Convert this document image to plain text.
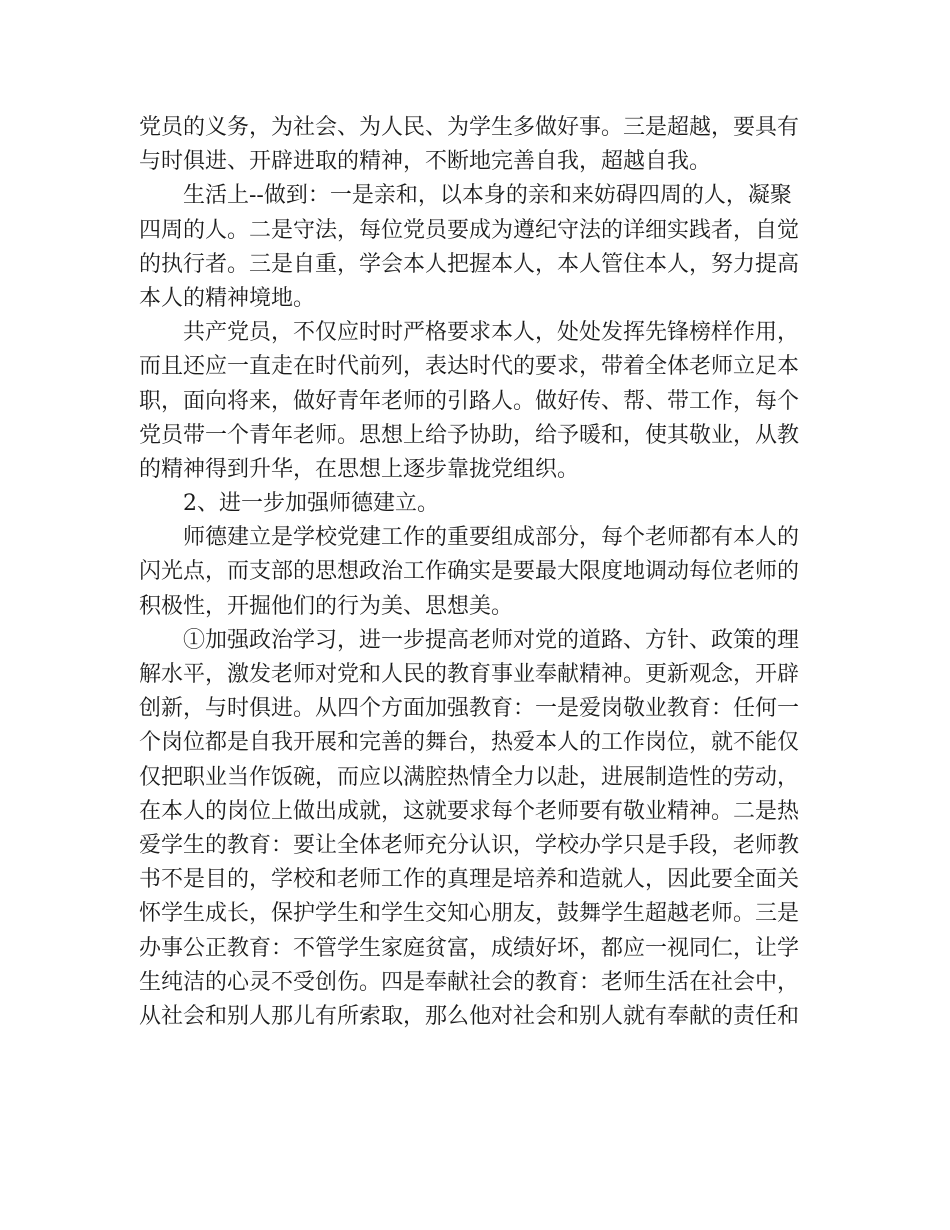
党员的义务，为社会、为人民、为学生多做好事。三是超越，要具有
与时俱进、开辟进取的精神，不断地完善自我，超越自我。
生活上--做到：一是亲和，以本身的亲和来妨碍四周的人，凝聚
四周的人。二是守法，每位党员要成为遵纪守法的详细实践者，自觉
的执行者。三是自重，学会本人把握本人，本人管住本人，努力提高
本人的精神境地。
共产党员，不仅应时时严格要求本人，处处发挥先锋榜样作用，
而且还应一直走在时代前列，表达时代的要求，带着全体老师立足本
职，面向将来，做好青年老师的引路人。做好传、帮、带工作，每个
党员带一个青年老师。思想上给予协助，给予暖和，使其敬业，从教
的精神得到升华，在思想上逐步靠拢党组织。
2、进一步加强师德建立。
师德建立是学校党建工作的重要组成部分，每个老师都有本人的
闪光点，而支部的思想政治工作确实是要最大限度地调动每位老师的
积极性，开掘他们的行为美、思想美。
①加强政治学习，进一步提高老师对党的道路、方针、政策的理
解水平，激发老师对党和人民的教育事业奉献精神。更新观念，开辟
创新，与时俱进。从四个方面加强教育：一是爱岗敬业教育：任何一
个岗位都是自我开展和完善的舞台，热爱本人的工作岗位，就不能仅
仅把职业当作饭碗，而应以满腔热情全力以赴，进展制造性的劳动，
在本人的岗位上做出成就，这就要求每个老师要有敬业精神。二是热
爱学生的教育：要让全体老师充分认识，学校办学只是手段，老师教
书不是目的，学校和老师工作的真理是培养和造就人，因此要全面关
怀学生成长，保护学生和学生交知心朋友，鼓舞学生超越老师。三是
办事公正教育：不管学生家庭贫富，成绩好坏，都应一视同仁，让学
生纯洁的心灵不受创伤。四是奉献社会的教育：老师生活在社会中，
从社会和别人那儿有所索取，那么他对社会和别人就有奉献的责任和
